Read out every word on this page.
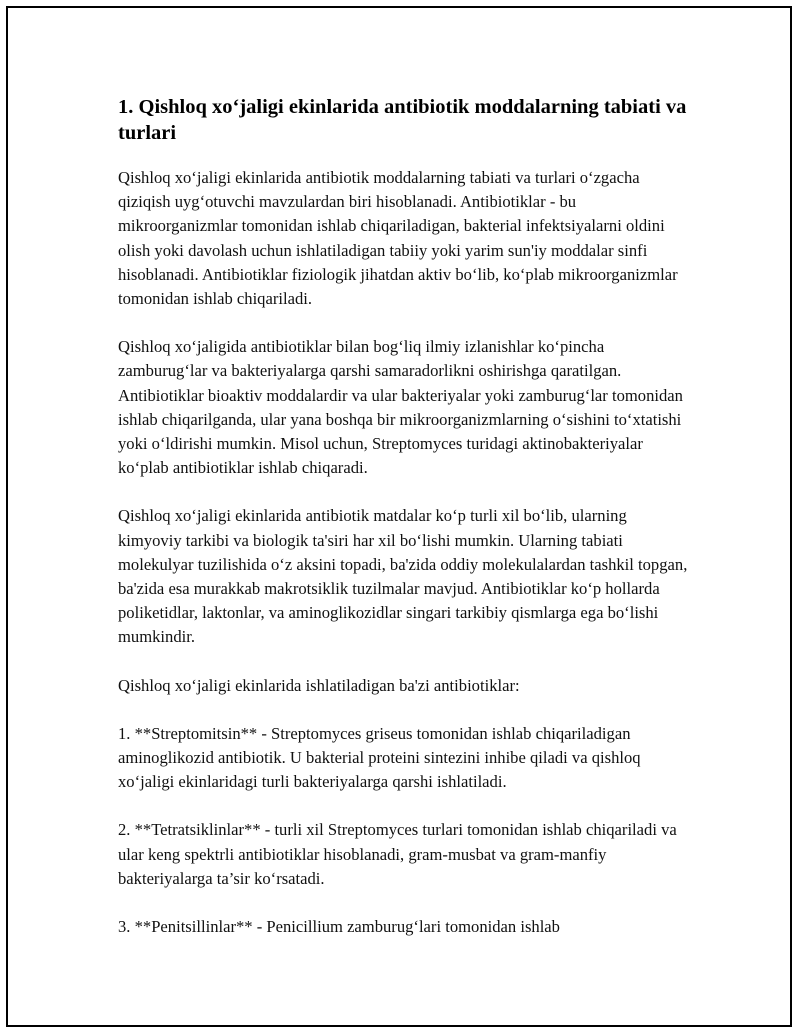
1. Qishloq xo‘jaligi ekinlarida antibiotik moddalarning tabiati va turlari

Qishloq xo‘jaligi ekinlarida antibiotik moddalarning tabiati va turlari o‘zgacha qiziqish uyg‘otuvchi mavzulardan biri hisoblanadi. Antibiotiklar - bu mikroorganizmlar tomonidan ishlab chiqariladigan, bakterial infektsiyalarni oldini olish yoki davolash uchun ishlatiladigan tabiiy yoki yarim sun'iy moddalar sinfi hisoblanadi. Antibiotiklar fiziologik jihatdan aktiv bo‘lib, ko‘plab mikroorganizmlar tomonidan ishlab chiqariladi.

Qishloq xo‘jaligida antibiotiklar bilan bog‘liq ilmiy izlanishlar ko‘pincha zamburug‘lar va bakteriyalarga qarshi samaradorlikni oshirishga qaratilgan. Antibiotiklar bioaktiv moddalardir va ular bakteriyalar yoki zamburug‘lar tomonidan ishlab chiqarilganda, ular yana boshqa bir mikroorganizmlarning o‘sishini to‘xtatishi yoki o‘ldirishi mumkin. Misol uchun, Streptomyces turidagi aktinobakteriyalar ko‘plab antibiotiklar ishlab chiqaradi.

Qishloq xo‘jaligi ekinlarida antibiotik matdalar ko‘p turli xil bo‘lib, ularning kimyoviy tarkibi va biologik ta'siri har xil bo‘lishi mumkin. Ularning tabiati molekulyar tuzilishida o‘z aksini topadi, ba'zida oddiy molekulalardan tashkil topgan, ba'zida esa murakkab makrotsiklik tuzilmalar mavjud. Antibiotiklar ko‘p hollarda poliketidlar, laktonlar, va aminoglikozidlar singari tarkibiy qismlarga ega bo‘lishi mumkindir.

Qishloq xo‘jaligi ekinlarida ishlatiladigan ba'zi antibiotiklar:

1. **Streptomitsin** - Streptomyces griseus tomonidan ishlab chiqariladigan aminoglikozid antibiotik. U bakterial proteini sintezini inhibe qiladi va qishloq xo‘jaligi ekinlaridagi turli bakteriyalarga qarshi ishlatiladi.

2. **Tetratsiklinlar** - turli xil Streptomyces turlari tomonidan ishlab chiqariladi va ular keng spektrli antibiotiklar hisoblanadi, gram-musbat va gram-manfiy bakteriyalarga ta’sir ko‘rsatadi.

3. **Penitsillinlar** - Penicillium zamburug‘lari tomonidan ishlab
